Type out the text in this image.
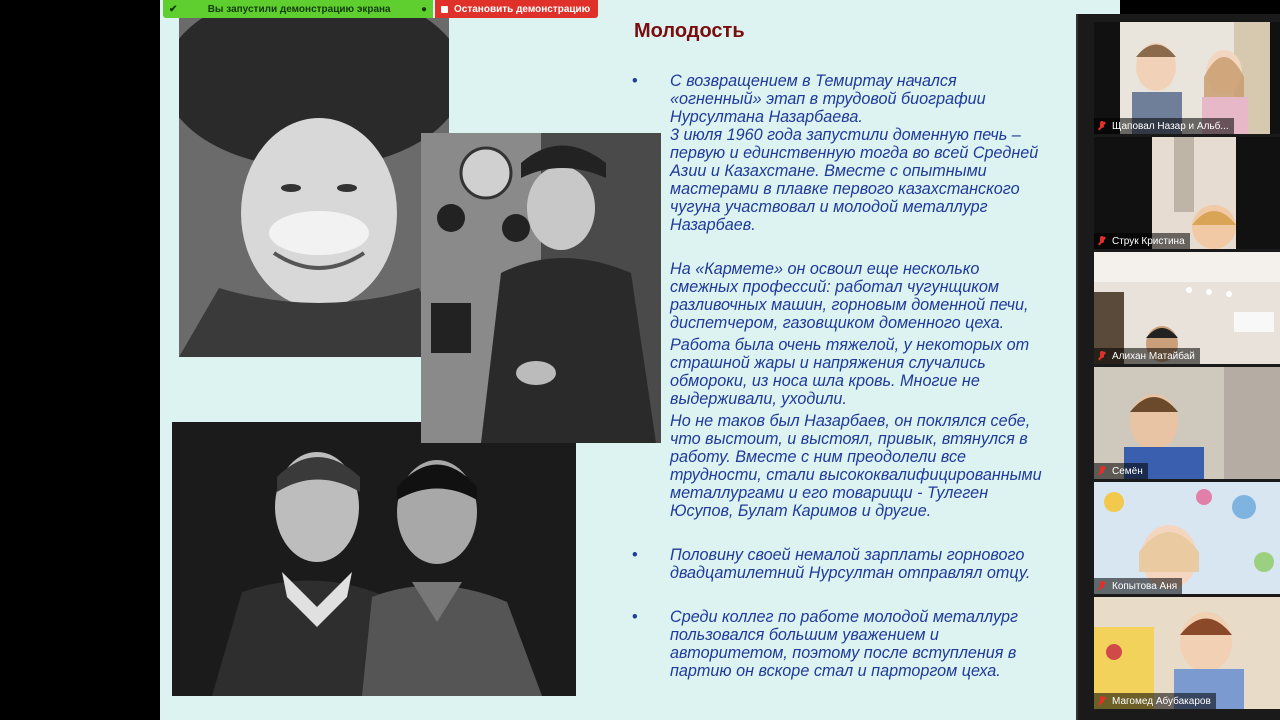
Молодость
• С возвращением в Темиртау начался
«огненный» этап в трудовой биографии
Нурсултана Назарбаева.
3 июля 1960 года запустили доменную печь –
первую и единственную тогда во всей Средней
Азии и Казахстане. Вместе с опытными
мастерами в плавке первого казахстанского
чугуна участвовал и молодой металлург
Назарбаев.
На «Карметe» он освоил еще несколько
смежных профессий: работал чугунщиком
разливочных машин, горновым доменной печи,
диспетчером, газовщиком доменного цеха.
Работа была очень тяжелой, у некоторых от
страшной жары и напряжения случались
обмороки, из носа шла кровь. Многие не
выдерживали, уходили.
Но не таков был Назарбаев, он поклялся себе,
что выстоит, и выстоял, привык, втянулся в
работу. Вместе с ним преодолели все
трудности, стали высококвалифицированными
металлургами и его товарищи - Тулеген
Юсупов, Булат Каримов и другие.
• Половину своей немалой зарплаты горнового
двадцатилетний Нурсултан отправлял отцу.
• Среди коллег по работе молодой металлург
пользовался большим уважением и
авторитетом, поэтому после вступления в
партию он вскоре стал и парторгом цеха.
✔	Вы запустили демонстрацию экрана	●	Остановить демонстрацию
Щаповал Назар и Альб...
Струк Кристина
Алихан Матайбай
Семён
Копытова Аня
Магомед Абубакаров
